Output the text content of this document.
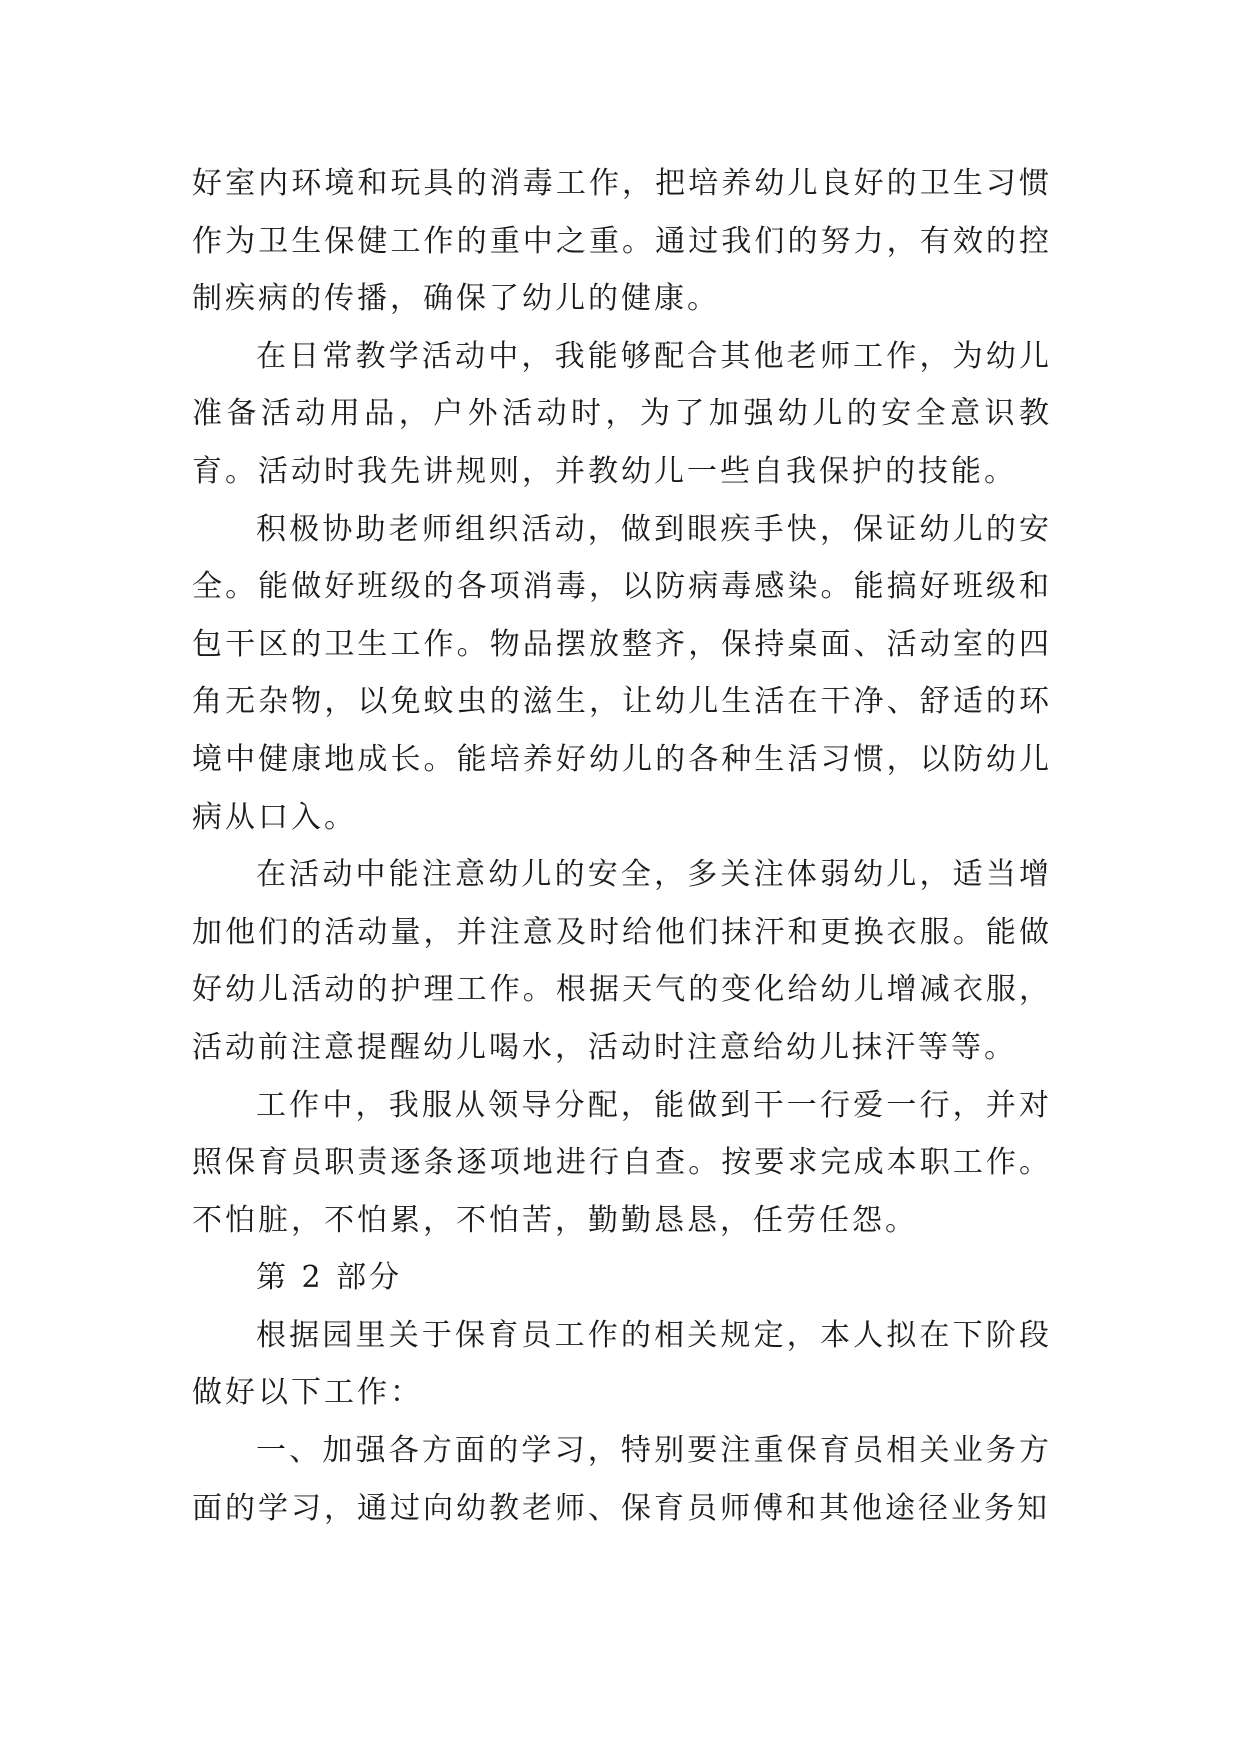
好室内环境和玩具的消毒工作，把培养幼儿良好的卫生习惯作为卫生保健工作的重中之重。通过我们的努力，有效的控制疾病的传播，确保了幼儿的健康。

在日常教学活动中，我能够配合其他老师工作，为幼儿准备活动用品，户外活动时，为了加强幼儿的安全意识教育。活动时我先讲规则，并教幼儿一些自我保护的技能。

积极协助老师组织活动，做到眼疾手快，保证幼儿的安全。能做好班级的各项消毒，以防病毒感染。能搞好班级和包干区的卫生工作。物品摆放整齐，保持桌面、活动室的四角无杂物，以免蚊虫的滋生，让幼儿生活在干净、舒适的环境中健康地成长。能培养好幼儿的各种生活习惯，以防幼儿病从口入。

在活动中能注意幼儿的安全，多关注体弱幼儿，适当增加他们的活动量，并注意及时给他们抹汗和更换衣服。能做好幼儿活动的护理工作。根据天气的变化给幼儿增减衣服，活动前注意提醒幼儿喝水，活动时注意给幼儿抹汗等等。

工作中，我服从领导分配，能做到干一行爱一行，并对照保育员职责逐条逐项地进行自查。按要求完成本职工作。不怕脏，不怕累，不怕苦，勤勤恳恳，任劳任怨。

第 2 部分

根据园里关于保育员工作的相关规定，本人拟在下阶段做好以下工作：

一、加强各方面的学习，特别要注重保育员相关业务方面的学习，通过向幼教老师、保育员师傅和其他途径业务知
